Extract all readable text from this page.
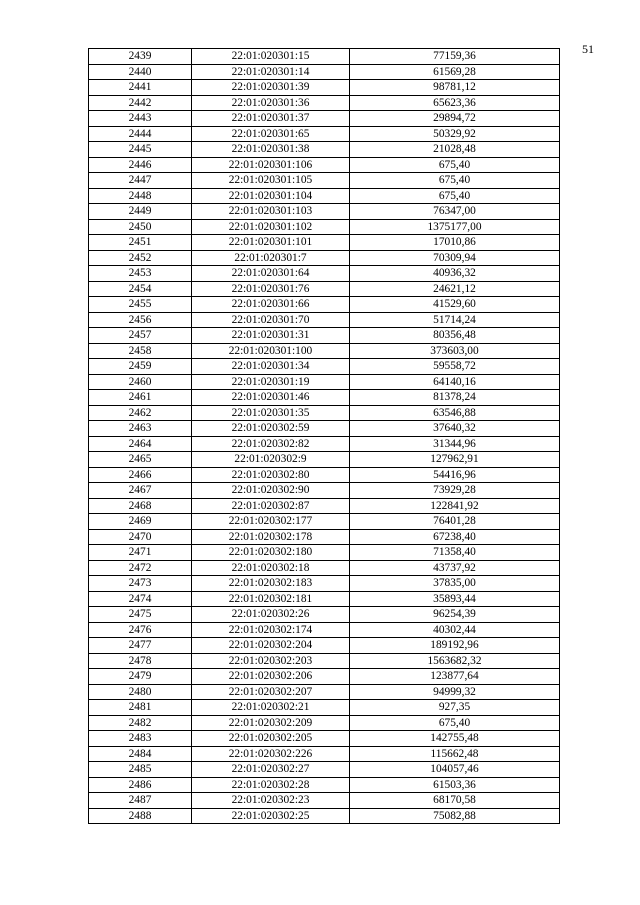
51
2439	22:01:020301:15	77159,36
2440	22:01:020301:14	61569,28
2441	22:01:020301:39	98781,12
2442	22:01:020301:36	65623,36
2443	22:01:020301:37	29894,72
2444	22:01:020301:65	50329,92
2445	22:01:020301:38	21028,48
2446	22:01:020301:106	675,40
2447	22:01:020301:105	675,40
2448	22:01:020301:104	675,40
2449	22:01:020301:103	76347,00
2450	22:01:020301:102	1375177,00
2451	22:01:020301:101	17010,86
2452	22:01:020301:7	70309,94
2453	22:01:020301:64	40936,32
2454	22:01:020301:76	24621,12
2455	22:01:020301:66	41529,60
2456	22:01:020301:70	51714,24
2457	22:01:020301:31	80356,48
2458	22:01:020301:100	373603,00
2459	22:01:020301:34	59558,72
2460	22:01:020301:19	64140,16
2461	22:01:020301:46	81378,24
2462	22:01:020301:35	63546,88
2463	22:01:020302:59	37640,32
2464	22:01:020302:82	31344,96
2465	22:01:020302:9	127962,91
2466	22:01:020302:80	54416,96
2467	22:01:020302:90	73929,28
2468	22:01:020302:87	122841,92
2469	22:01:020302:177	76401,28
2470	22:01:020302:178	67238,40
2471	22:01:020302:180	71358,40
2472	22:01:020302:18	43737,92
2473	22:01:020302:183	37835,00
2474	22:01:020302:181	35893,44
2475	22:01:020302:26	96254,39
2476	22:01:020302:174	40302,44
2477	22:01:020302:204	189192,96
2478	22:01:020302:203	1563682,32
2479	22:01:020302:206	123877,64
2480	22:01:020302:207	94999,32
2481	22:01:020302:21	927,35
2482	22:01:020302:209	675,40
2483	22:01:020302:205	142755,48
2484	22:01:020302:226	115662,48
2485	22:01:020302:27	104057,46
2486	22:01:020302:28	61503,36
2487	22:01:020302:23	68170,58
2488	22:01:020302:25	75082,88
